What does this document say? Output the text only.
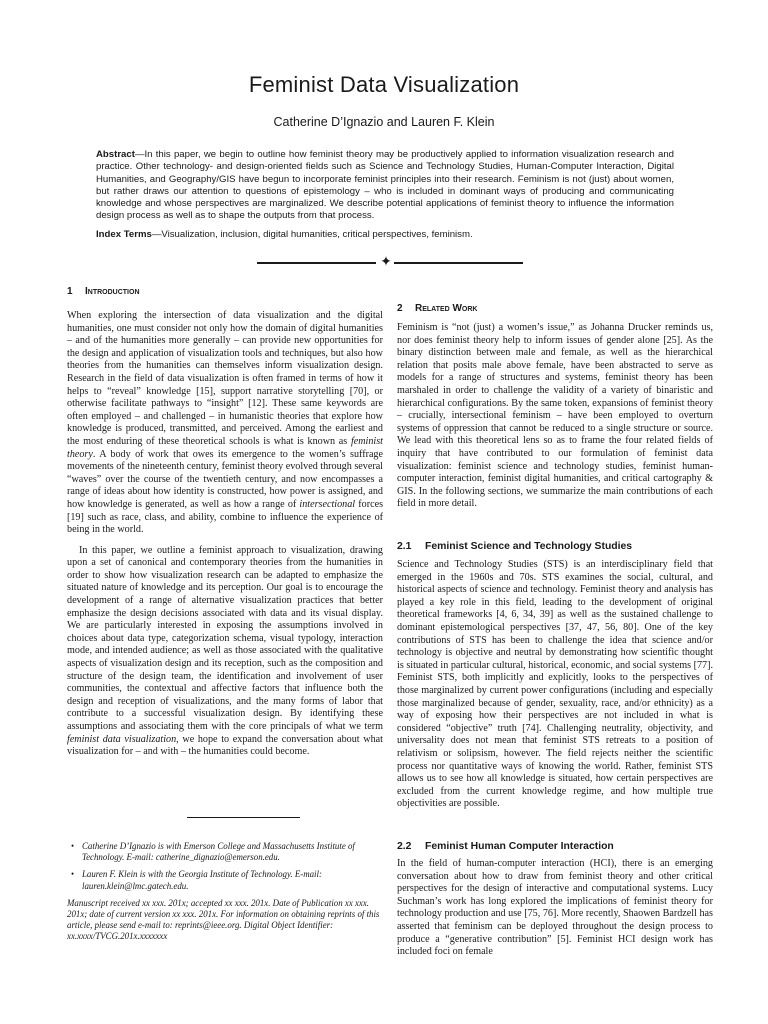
Feminist Data Visualization
Catherine D’Ignazio and Lauren F. Klein
Abstract—In this paper, we begin to outline how feminist theory may be productively applied to information visualization research and practice. Other technology- and design-oriented fields such as Science and Technology Studies, Human-Computer Interaction, Digital Humanities, and Geography/GIS have begun to incorporate feminist principles into their research. Feminism is not (just) about women, but rather draws our attention to questions of epistemology – who is included in dominant ways of producing and communicating knowledge and whose perspectives are marginalized. We describe potential applications of feminist theory to influence the information design process as well as to shape the outputs from that process.
Index Terms—Visualization, inclusion, digital humanities, critical perspectives, feminism.
✦
1 Introduction

When exploring the intersection of data visualization and the digital humanities, one must consider not only how the domain of digital humanities – and of the humanities more generally – can provide new opportunities for the design and application of visualization tools and techniques, but also how theories from the humanities can themselves inform visualization design. Research in the field of data visualization is often framed in terms of how it helps to “reveal” knowledge [15], support narrative storytelling [70], or otherwise facilitate pathways to “insight” [12]. These same keywords are often employed – and challenged – in humanistic theories that explore how knowledge is produced, transmitted, and perceived. Among the earliest and the most enduring of these theoretical schools is what is known as feminist theory. A body of work that owes its emergence to the women’s suffrage movements of the nineteenth century, feminist theory evolved through several “waves” over the course of the twentieth century, and now encompasses a range of ideas about how identity is constructed, how power is assigned, and how knowledge is generated, as well as how a range of intersectional forces [19] such as race, class, and ability, combine to influence the experience of being in the world.

In this paper, we outline a feminist approach to visualization, drawing upon a set of canonical and contemporary theories from the humanities in order to show how visualization research can be adapted to emphasize the situated nature of knowledge and its perception. Our goal is to encourage the development of a range of alternative visualization practices that better emphasize the design decisions associated with data and its visual display. We are particularly interested in exposing the assumptions involved in choices about data type, categorization schema, visual typology, interaction mode, and intended audience; as well as those associated with the qualitative aspects of visualization design and its reception, such as the composition and structure of the design team, the identification and involvement of user communities, the contextual and affective factors that influence both the design and reception of visualizations, and the many forms of labor that contribute to a successful visualization design. By identifying these assumptions and associating them with the core principals of what we term feminist data visualization, we hope to expand the conversation about what visualization for – and with – the humanities could become.

• Catherine D’Ignazio is with Emerson College and Massachusetts Institute of Technology. E-mail: catherine_dignazio@emerson.edu.
• Lauren F. Klein is with the Georgia Institute of Technology. E-mail: lauren.klein@lmc.gatech.edu.
Manuscript received xx xxx. 201x; accepted xx xxx. 201x. Date of Publication xx xxx. 201x; date of current version xx xxx. 201x. For information on obtaining reprints of this article, please send e-mail to: reprints@ieee.org. Digital Object Identifier: xx.xxxx/TVCG.201x.xxxxxxx
2 Related Work
Feminism is “not (just) a women’s issue,” as Johanna Drucker reminds us, nor does feminist theory help to inform issues of gender alone [25]. As the binary distinction between male and female, as well as the hierarchical relation that posits male above female, have been abstracted to serve as models for a range of structures and systems, feminist theory has been marshaled in order to challenge the validity of a variety of binaristic and hierarchical configurations. By the same token, expansions of feminist theory – crucially, intersectional feminism – have been employed to overturn systems of oppression that cannot be reduced to a single structure or source. We lead with this theoretical lens so as to frame the four related fields of inquiry that have contributed to our formulation of feminist data visualization: feminist science and technology studies, feminist human-computer interaction, feminist digital humanities, and critical cartography & GIS. In the following sections, we summarize the main contributions of each field in more detail.
2.1 Feminist Science and Technology Studies
Science and Technology Studies (STS) is an interdisciplinary field that emerged in the 1960s and 70s. STS examines the social, cultural, and historical aspects of science and technology. Feminist theory and analysis has played a key role in this field, leading to the development of original theoretical frameworks [4, 6, 34, 39] as well as the sustained challenge to dominant epistemological perspectives [37, 47, 56, 80]. One of the key contributions of STS has been to challenge the idea that science and/or technology is objective and neutral by demonstrating how scientific thought is situated in particular cultural, historical, economic, and social systems [77]. Feminist STS, both implicitly and explicitly, looks to the perspectives of those marginalized by current power configurations (including and especially those marginalized because of gender, sexuality, race, and/or ethnicity) as a way of exposing how their perspectives are not included in what is considered “objective” truth [74]. Challenging neutrality, objectivity, and universality does not mean that feminist STS retreats to a position of relativism or solipsism, however. The field rejects neither the scientific process nor quantitative ways of knowing the world. Rather, feminist STS allows us to see how all knowledge is situated, how certain perspectives are excluded from the current knowledge regime, and how multiple true objectivities are possible.
2.2 Feminist Human Computer Interaction
In the field of human-computer interaction (HCI), there is an emerging conversation about how to draw from feminist theory and other critical perspectives for the design of interactive and computational systems. Lucy Suchman’s work has long explored the implications of feminist theory for technology production and use [75, 76]. More recently, Shaowen Bardzell has asserted that feminism can be deployed throughout the design process to produce a “generative contribution” [5]. Feminist HCI design work has included foci on female
